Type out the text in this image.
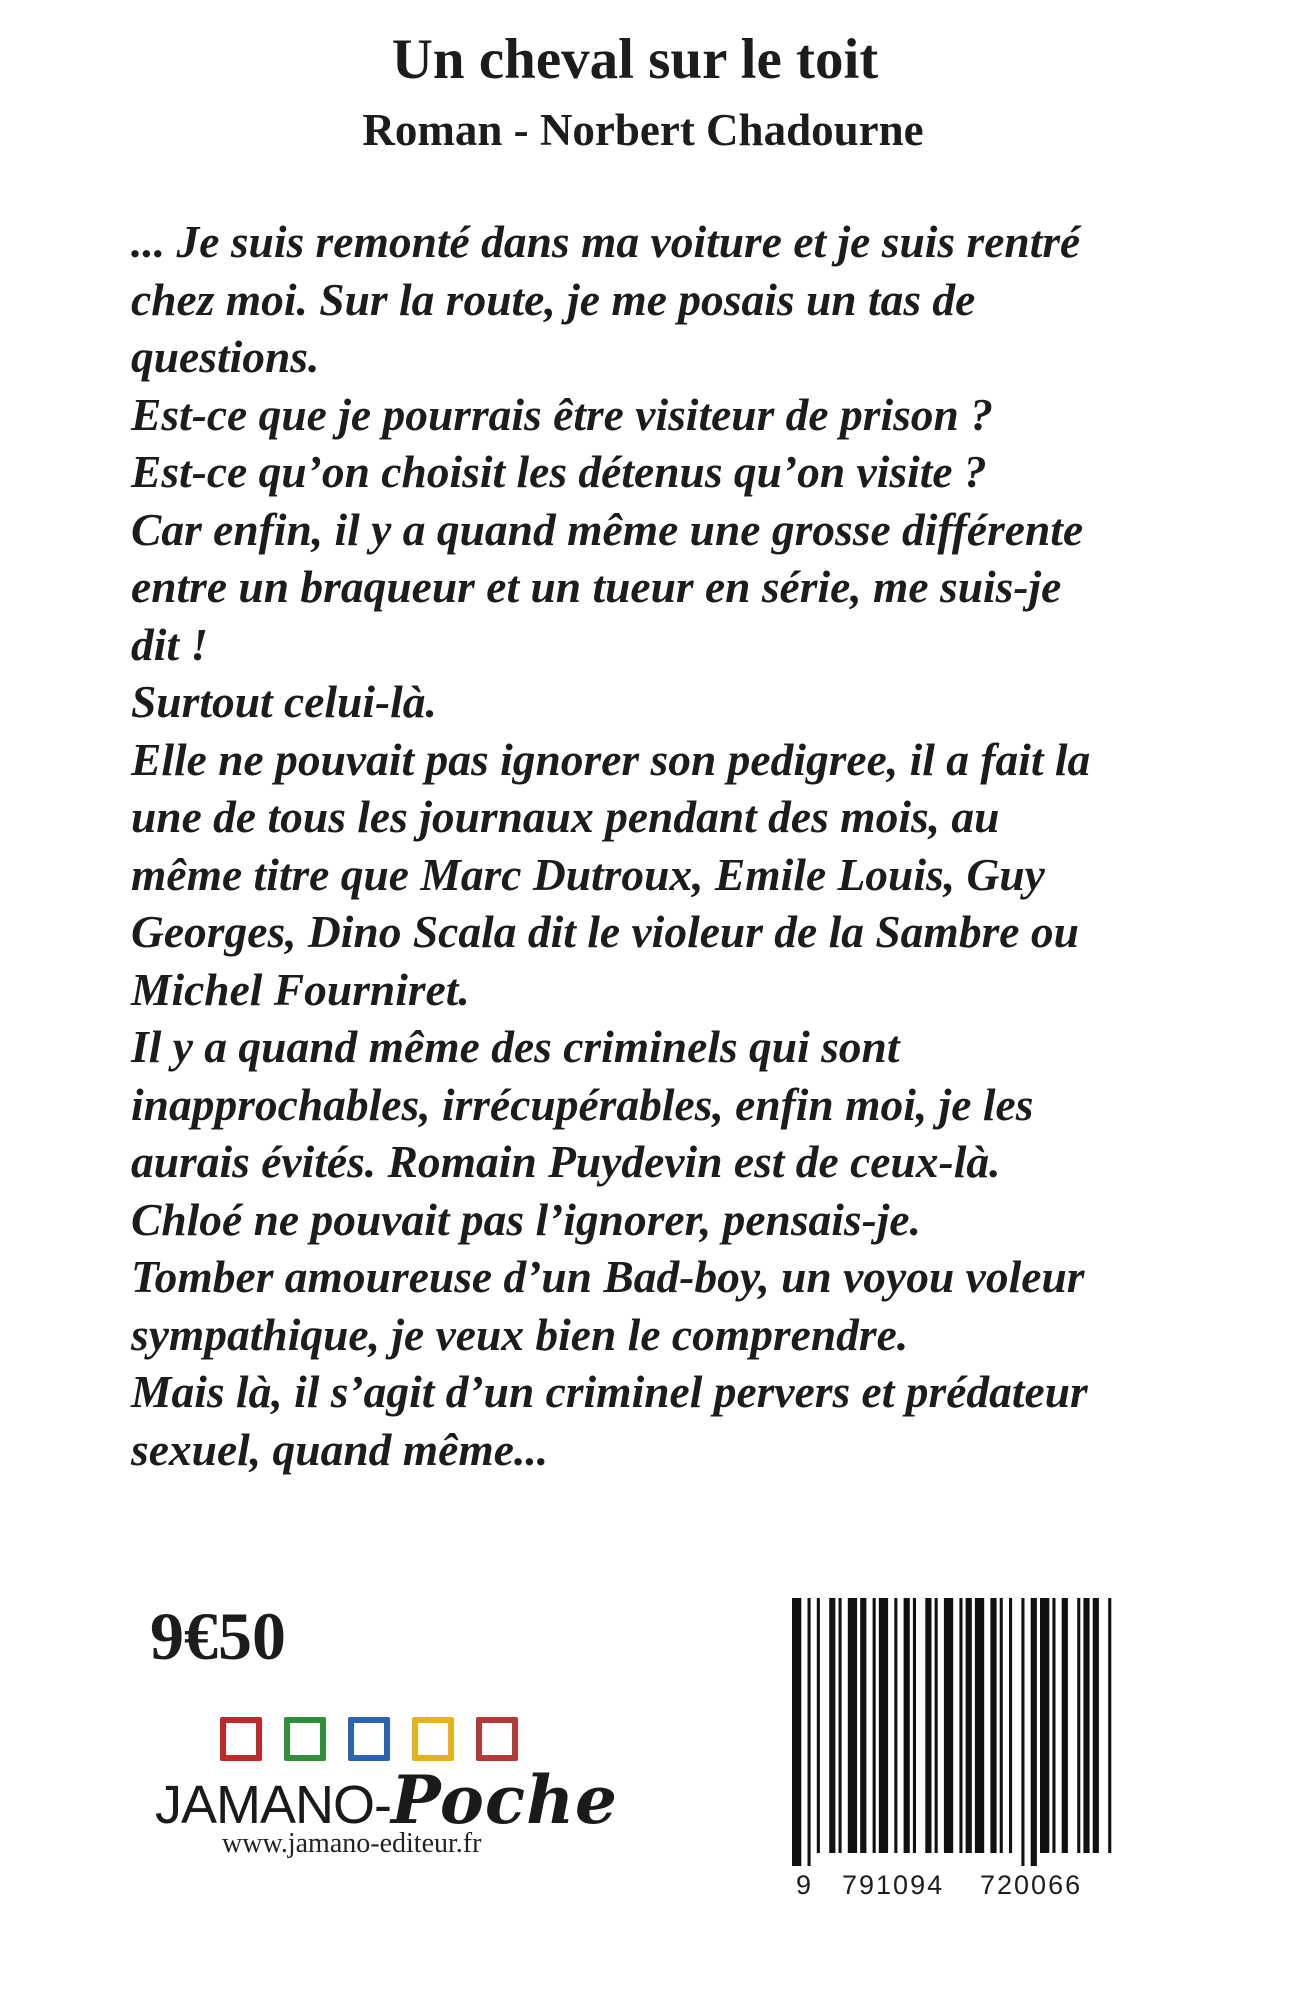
Un cheval sur le toit
Roman - Norbert Chadourne
... Je suis remonté dans ma voiture et je suis rentré
chez moi. Sur la route, je me posais un tas de
questions.
Est-ce que je pourrais être visiteur de prison ?
Est-ce qu’on choisit les détenus qu’on visite ?
Car enfin, il y a quand même une grosse différente
entre un braqueur et un tueur en série, me suis-je
dit !
Surtout celui-là.
Elle ne pouvait pas ignorer son pedigree, il a fait la
une de tous les journaux pendant des mois, au
même titre que Marc Dutroux, Emile Louis, Guy
Georges, Dino Scala dit le violeur de la Sambre ou
Michel Fourniret.
Il y a quand même des criminels qui sont
inapprochables, irrécupérables, enfin moi, je les
aurais évités. Romain Puydevin est de ceux-là.
Chloé ne pouvait pas l’ignorer, pensais-je.
Tomber amoureuse d’un Bad-boy, un voyou voleur
sympathique, je veux bien le comprendre.
Mais là, il s’agit d’un criminel pervers et prédateur
sexuel, quand même...
9€50
JAMANO-Poche
www.jamano-editeur.fr
9 791094 720066
